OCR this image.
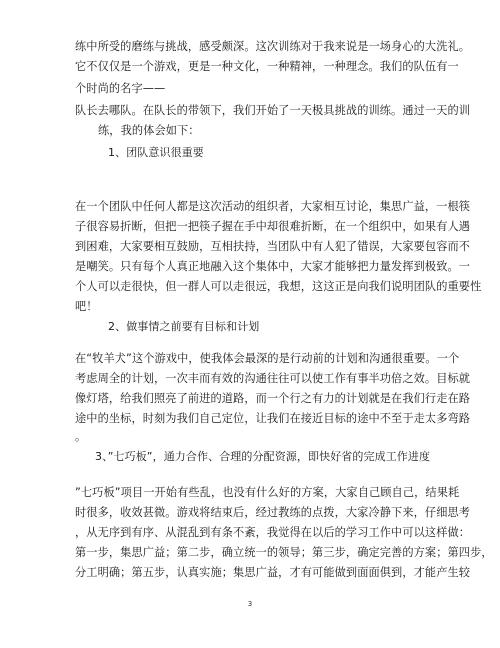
练中所受的磨练与挑战，感受颇深。这次训练对于我来说是一场身心的大洗礼。
它不仅仅是一个游戏，更是一种文化，一种精神，一种理念。我们的队伍有一
个时尚的名字——
队长去哪队。在队长的带领下，我们开始了一天极具挑战的训练。通过一天的训
练，我的体会如下：
1、团队意识很重要
在一个团队中任何人都是这次活动的组织者，大家相互讨论，集思广益，一根筷
子很容易折断，但把一把筷子握在手中却很难折断，在一个组织中，如果有人遇
到困难，大家要相互鼓励，互相扶持，当团队中有人犯了错误，大家要包容而不
是嘲笑。只有每个人真正地融入这个集体中，大家才能够把力量发挥到极致。一
个人可以走很快，但一群人可以走很远，我想，这这正是向我们说明团队的重要性
吧！
2、做事情之前要有目标和计划
在“牧羊犬”这个游戏中，使我体会最深的是行动前的计划和沟通很重要。一个
考虑周全的计划，一次丰而有效的沟通往往可以使工作有事半功倍之效。目标就
像灯塔，给我们照亮了前进的道路，而一个行之有力的计划就是在我们行走在路
途中的坐标，时刻为我们自己定位，让我们在接近目标的途中不至于走太多弯路
。
3、”七巧板”，通力合作、合理的分配资源，即快好省的完成工作进度
”七巧板”项目一开始有些乱，也没有什么好的方案，大家自己顾自己，结果耗
时很多，收效甚微。游戏将结束后，经过教练的点拨，大家冷静下来，仔细思考
，从无序到有序、从混乱到有条不紊，我觉得在以后的学习工作中可以这样做：
第一步，集思广益；第二步，确立统一的领导；第三步，确定完善的方案；第四步，
分工明确；第五步，认真实施；集思广益，才有可能做到面面俱到，才能产生较
3
